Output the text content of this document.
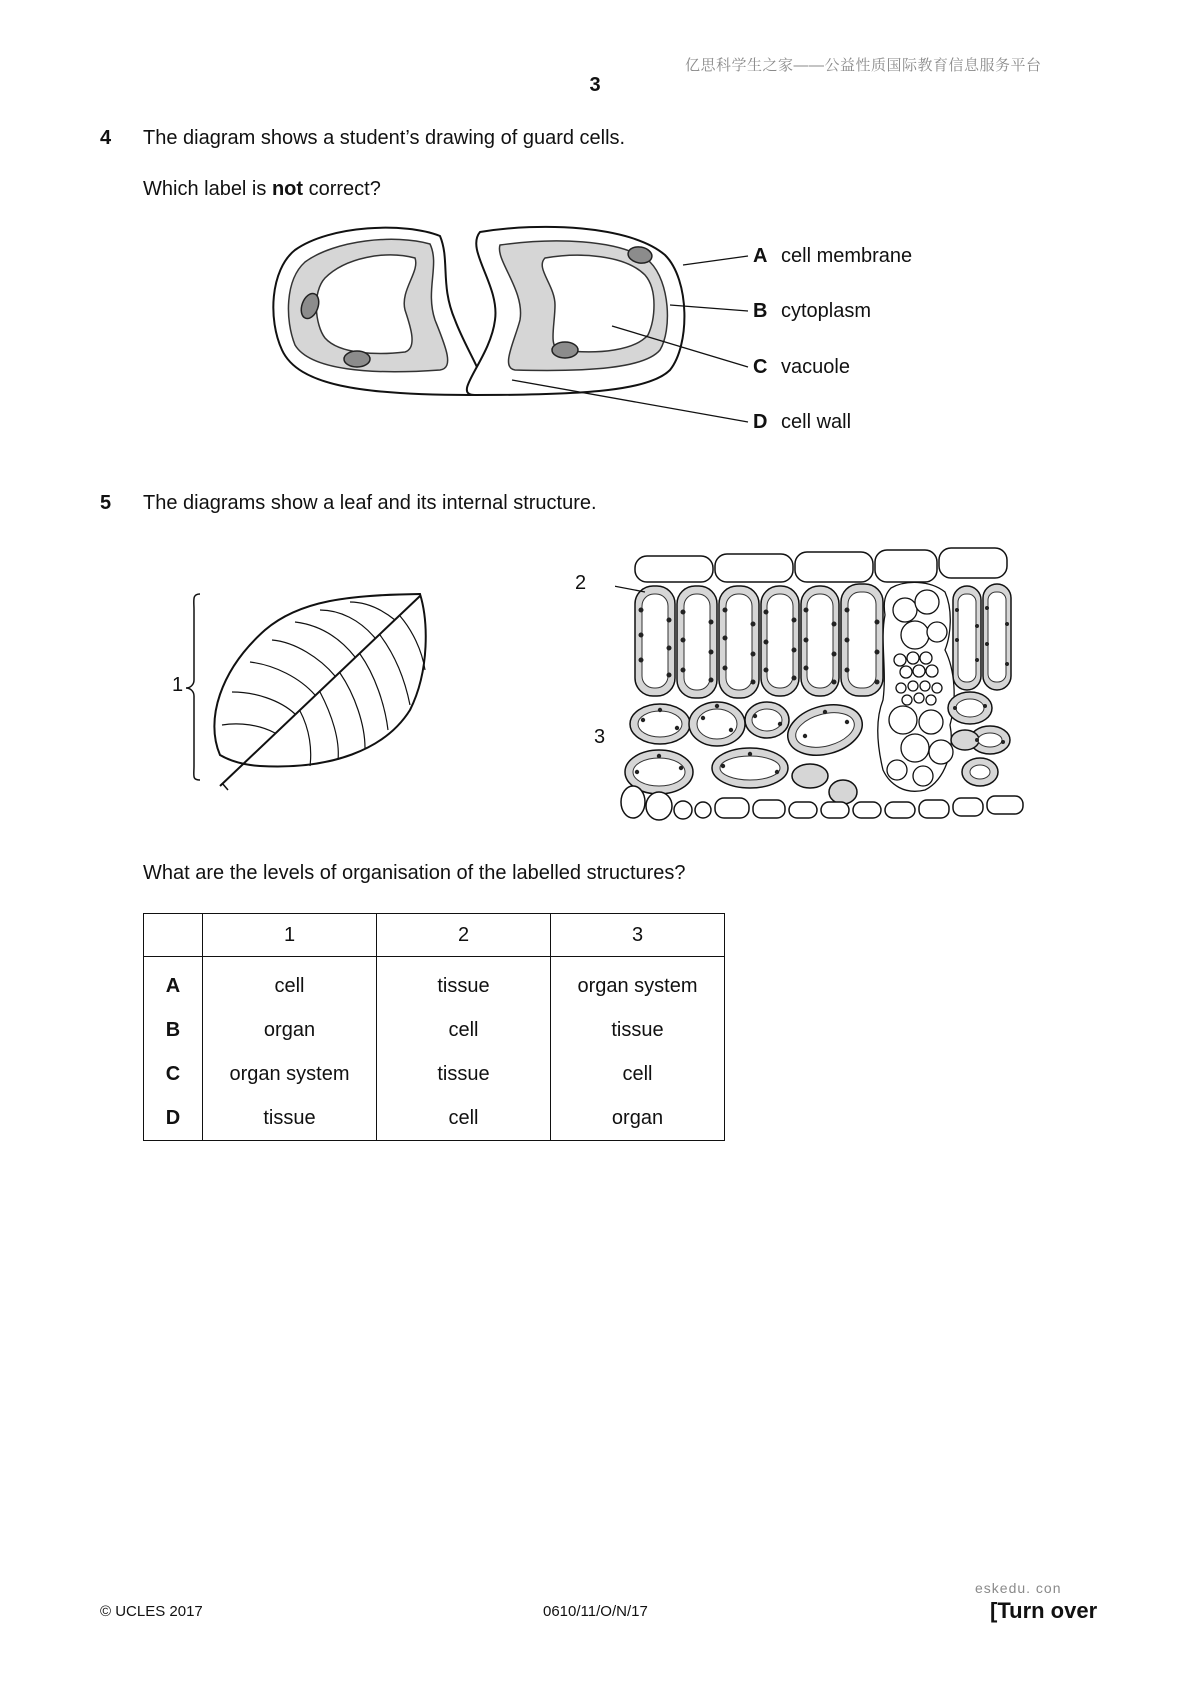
亿思科学生之家——公益性质国际教育信息服务平台
3
4 The diagram shows a student’s drawing of guard cells.
Which label is not correct?
A cell membrane
B cytoplasm
C vacuole
D cell wall
5 The diagrams show a leaf and its internal structure.
1
2
3
What are the levels of organisation of the labelled structures?
	1	2	3
A	cell	tissue	organ system
B	organ	cell	tissue
C	organ system	tissue	cell
D	tissue	cell	organ
eskedu. con
© UCLES 2017	0610/11/O/N/17	[Turn over
